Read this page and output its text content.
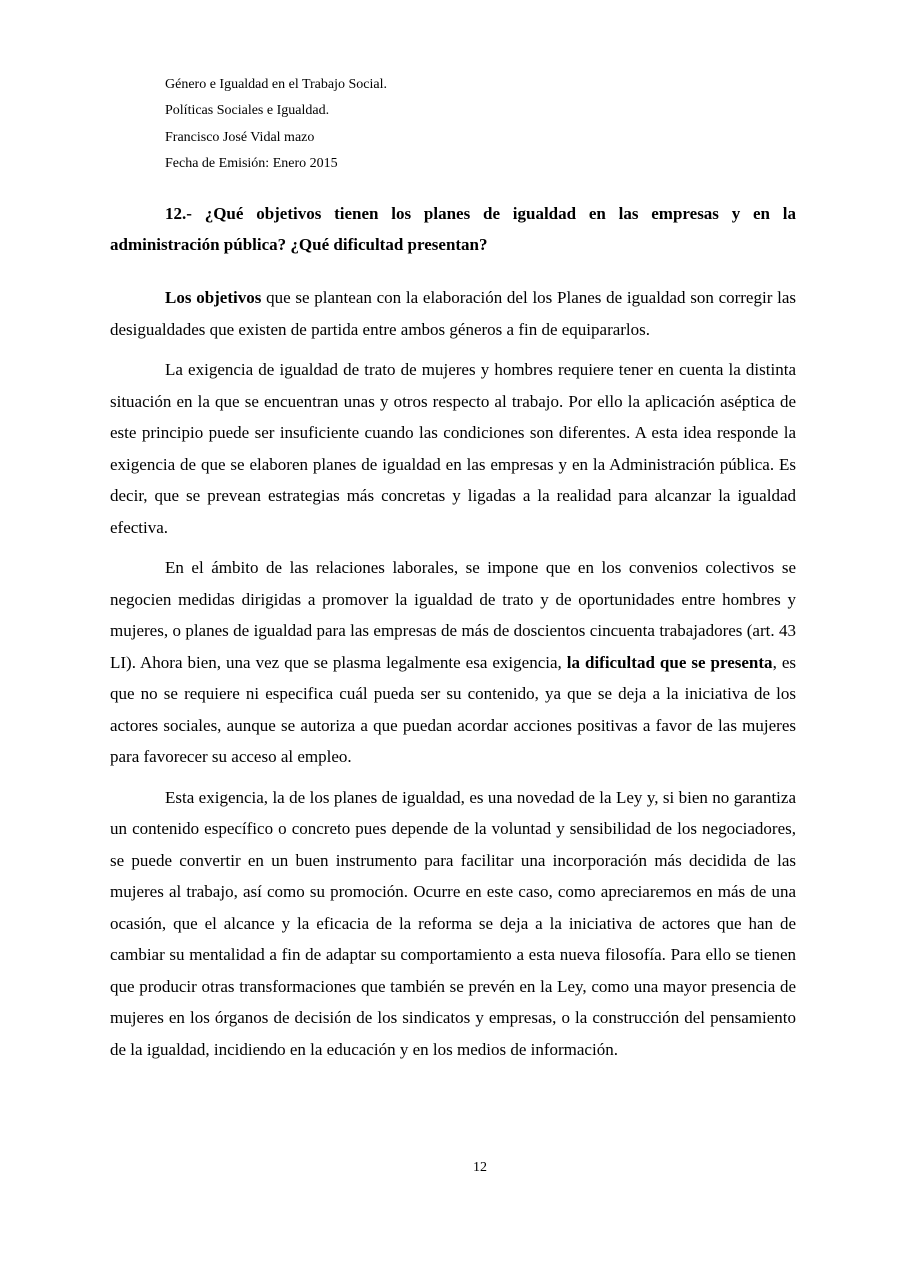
Género e Igualdad en el Trabajo Social.
Políticas Sociales e Igualdad.
Francisco José Vidal mazo
Fecha de Emisión: Enero 2015
12.- ¿Qué objetivos tienen los planes de igualdad en las empresas y en la administración pública? ¿Qué dificultad presentan?

Los objetivos que se plantean con la elaboración del los Planes de igualdad son corregir las desigualdades que existen de partida entre ambos géneros a fin de equipararlos.

La exigencia de igualdad de trato de mujeres y hombres requiere tener en cuenta la distinta situación en la que se encuentran unas y otros respecto al trabajo. Por ello la aplicación aséptica de este principio puede ser insuficiente cuando las condiciones son diferentes. A esta idea responde la exigencia de que se elaboren planes de igualdad en las empresas y en la Administración pública. Es decir, que se prevean estrategias más concretas y ligadas a la realidad para alcanzar la igualdad efectiva.

En el ámbito de las relaciones laborales, se impone que en los convenios colectivos se negocien medidas dirigidas a promover la igualdad de trato y de oportunidades entre hombres y mujeres, o planes de igualdad para las empresas de más de doscientos cincuenta trabajadores (art. 43 LI). Ahora bien, una vez que se plasma legalmente esa exigencia, la dificultad que se presenta, es que no se requiere ni especifica cuál pueda ser su contenido, ya que se deja a la iniciativa de los actores sociales, aunque se autoriza a que puedan acordar acciones positivas a favor de las mujeres para favorecer su acceso al empleo.

Esta exigencia, la de los planes de igualdad, es una novedad de la Ley y, si bien no garantiza un contenido específico o concreto pues depende de la voluntad y sensibilidad de los negociadores, se puede convertir en un buen instrumento para facilitar una incorporación más decidida de las mujeres al trabajo, así como su promoción. Ocurre en este caso, como apreciaremos en más de una ocasión, que el alcance y la eficacia de la reforma se deja a la iniciativa de actores que han de cambiar su mentalidad a fin de adaptar su comportamiento a esta nueva filosofía. Para ello se tienen que producir otras transformaciones que también se prevén en la Ley, como una mayor presencia de mujeres en los órganos de decisión de los sindicatos y empresas, o la construcción del pensamiento de la igualdad, incidiendo en la educación y en los medios de información.

12
